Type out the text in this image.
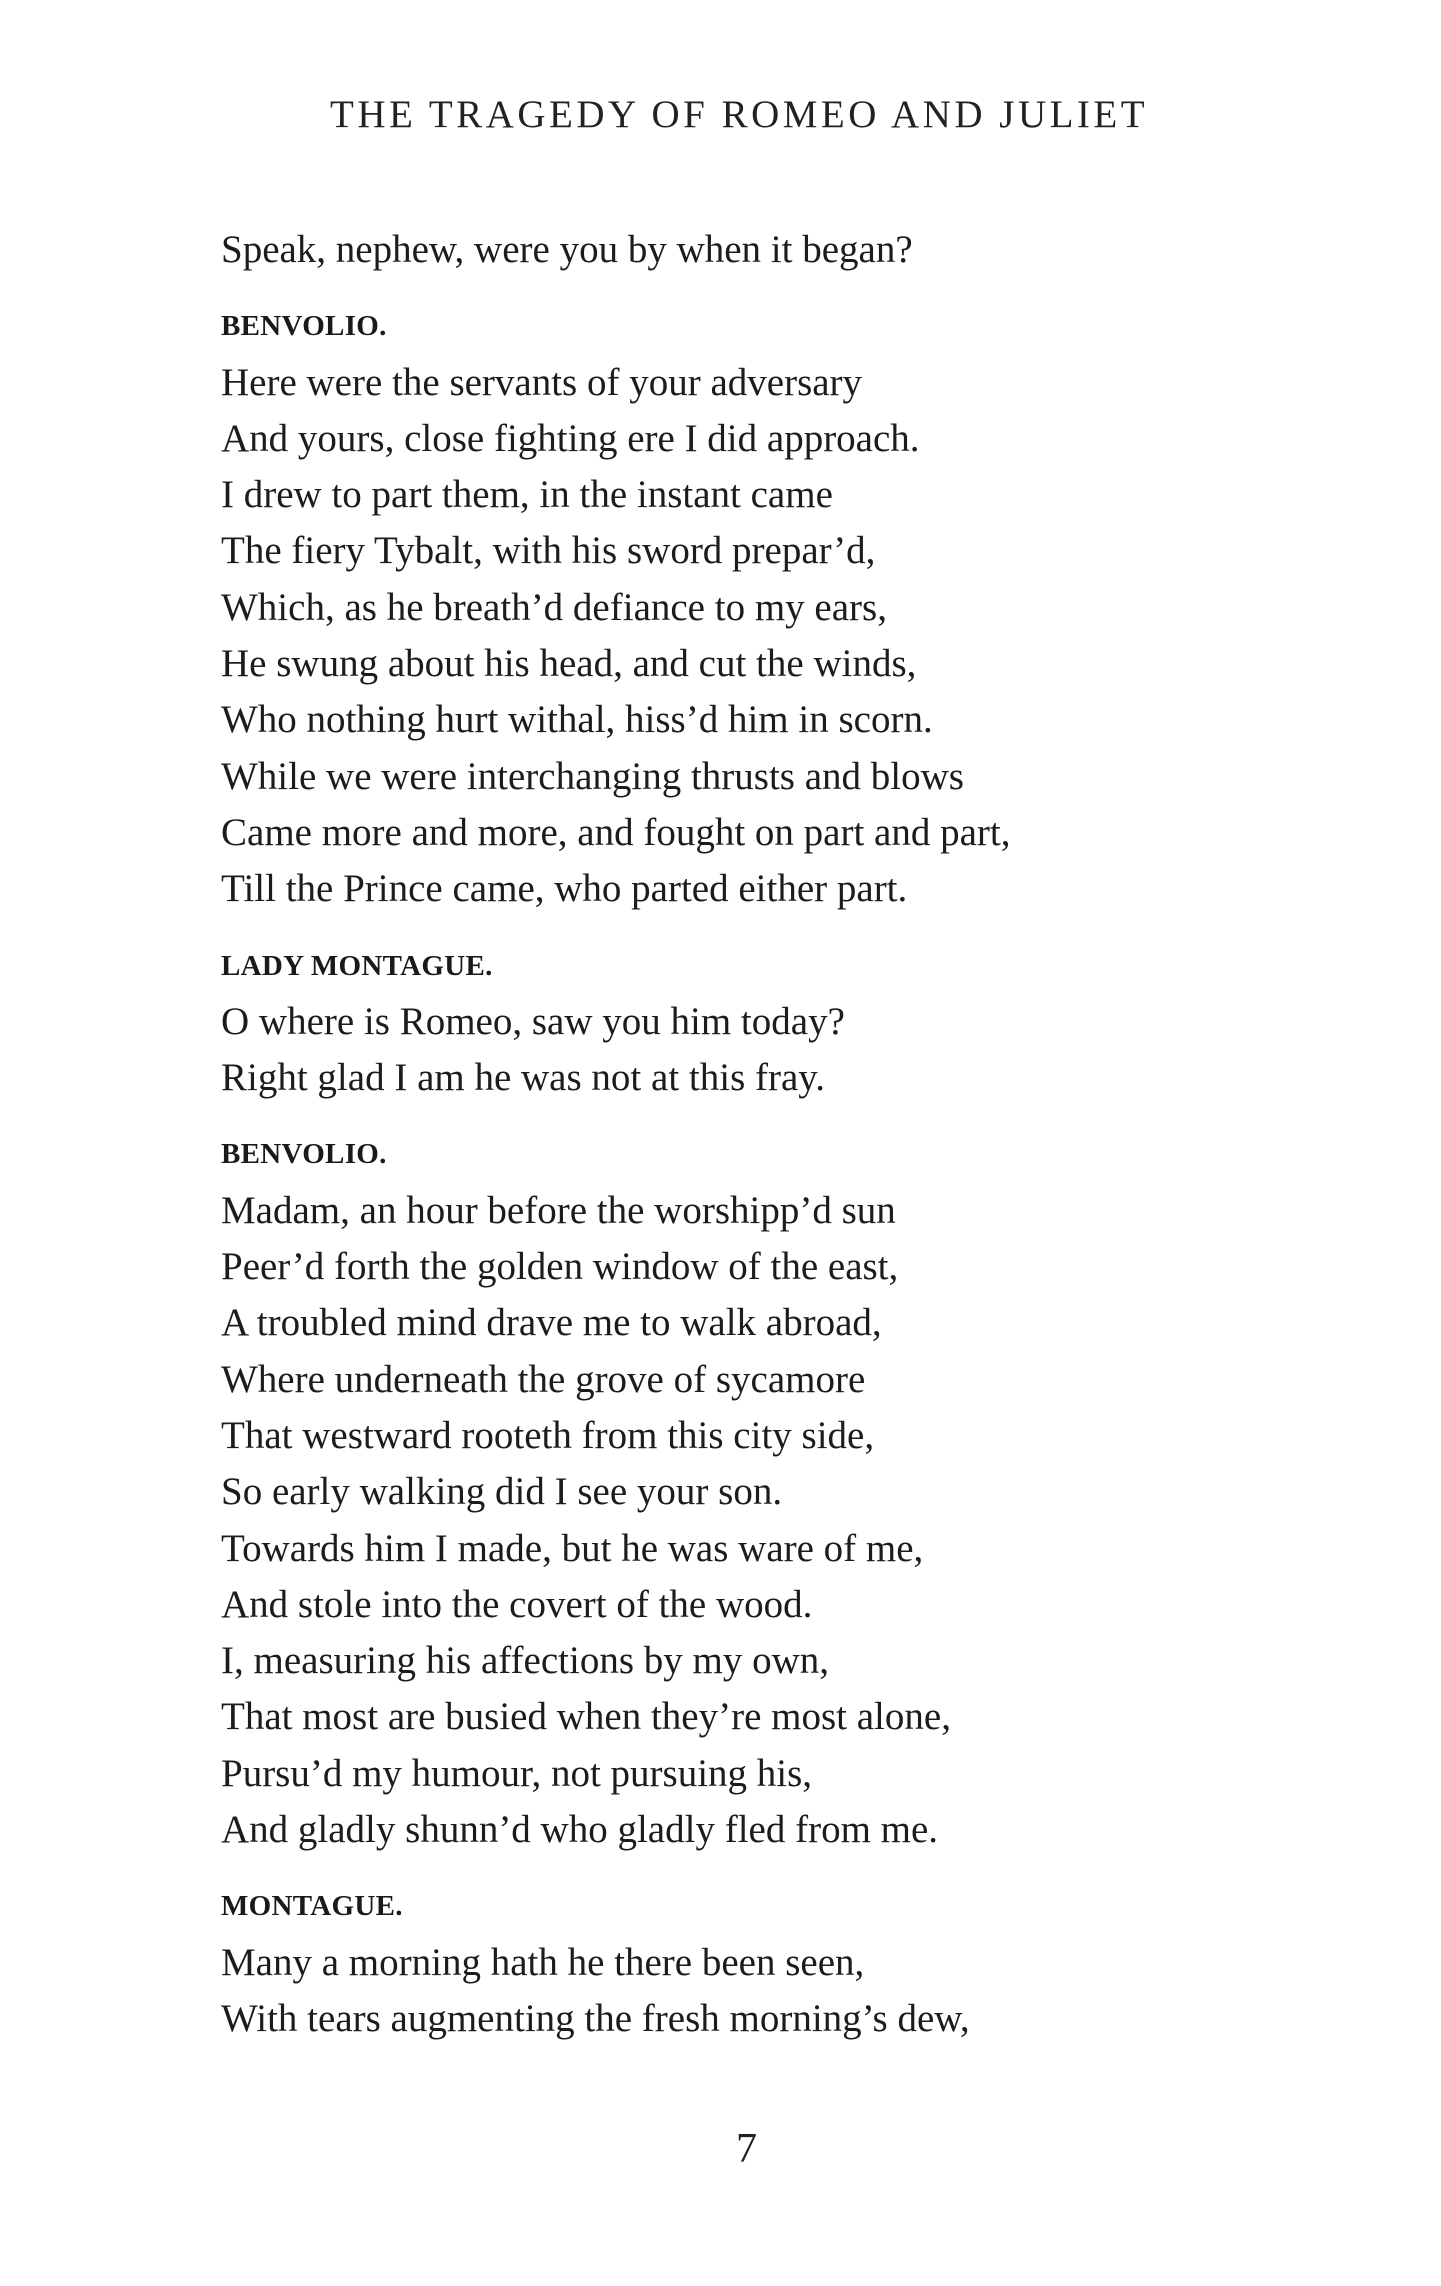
THE TRAGEDY OF ROMEO AND JULIET
Speak, nephew, were you by when it began?
BENVOLIO.
Here were the servants of your adversary
And yours, close fighting ere I did approach.
I drew to part them, in the instant came
The fiery Tybalt, with his sword prepar’d,
Which, as he breath’d defiance to my ears,
He swung about his head, and cut the winds,
Who nothing hurt withal, hiss’d him in scorn.
While we were interchanging thrusts and blows
Came more and more, and fought on part and part,
Till the Prince came, who parted either part.
LADY MONTAGUE.
O where is Romeo, saw you him today?
Right glad I am he was not at this fray.
BENVOLIO.
Madam, an hour before the worshipp’d sun
Peer’d forth the golden window of the east,
A troubled mind drave me to walk abroad,
Where underneath the grove of sycamore
That westward rooteth from this city side,
So early walking did I see your son.
Towards him I made, but he was ware of me,
And stole into the covert of the wood.
I, measuring his affections by my own,
That most are busied when they’re most alone,
Pursu’d my humour, not pursuing his,
And gladly shunn’d who gladly fled from me.
MONTAGUE.
Many a morning hath he there been seen,
With tears augmenting the fresh morning’s dew,
7
